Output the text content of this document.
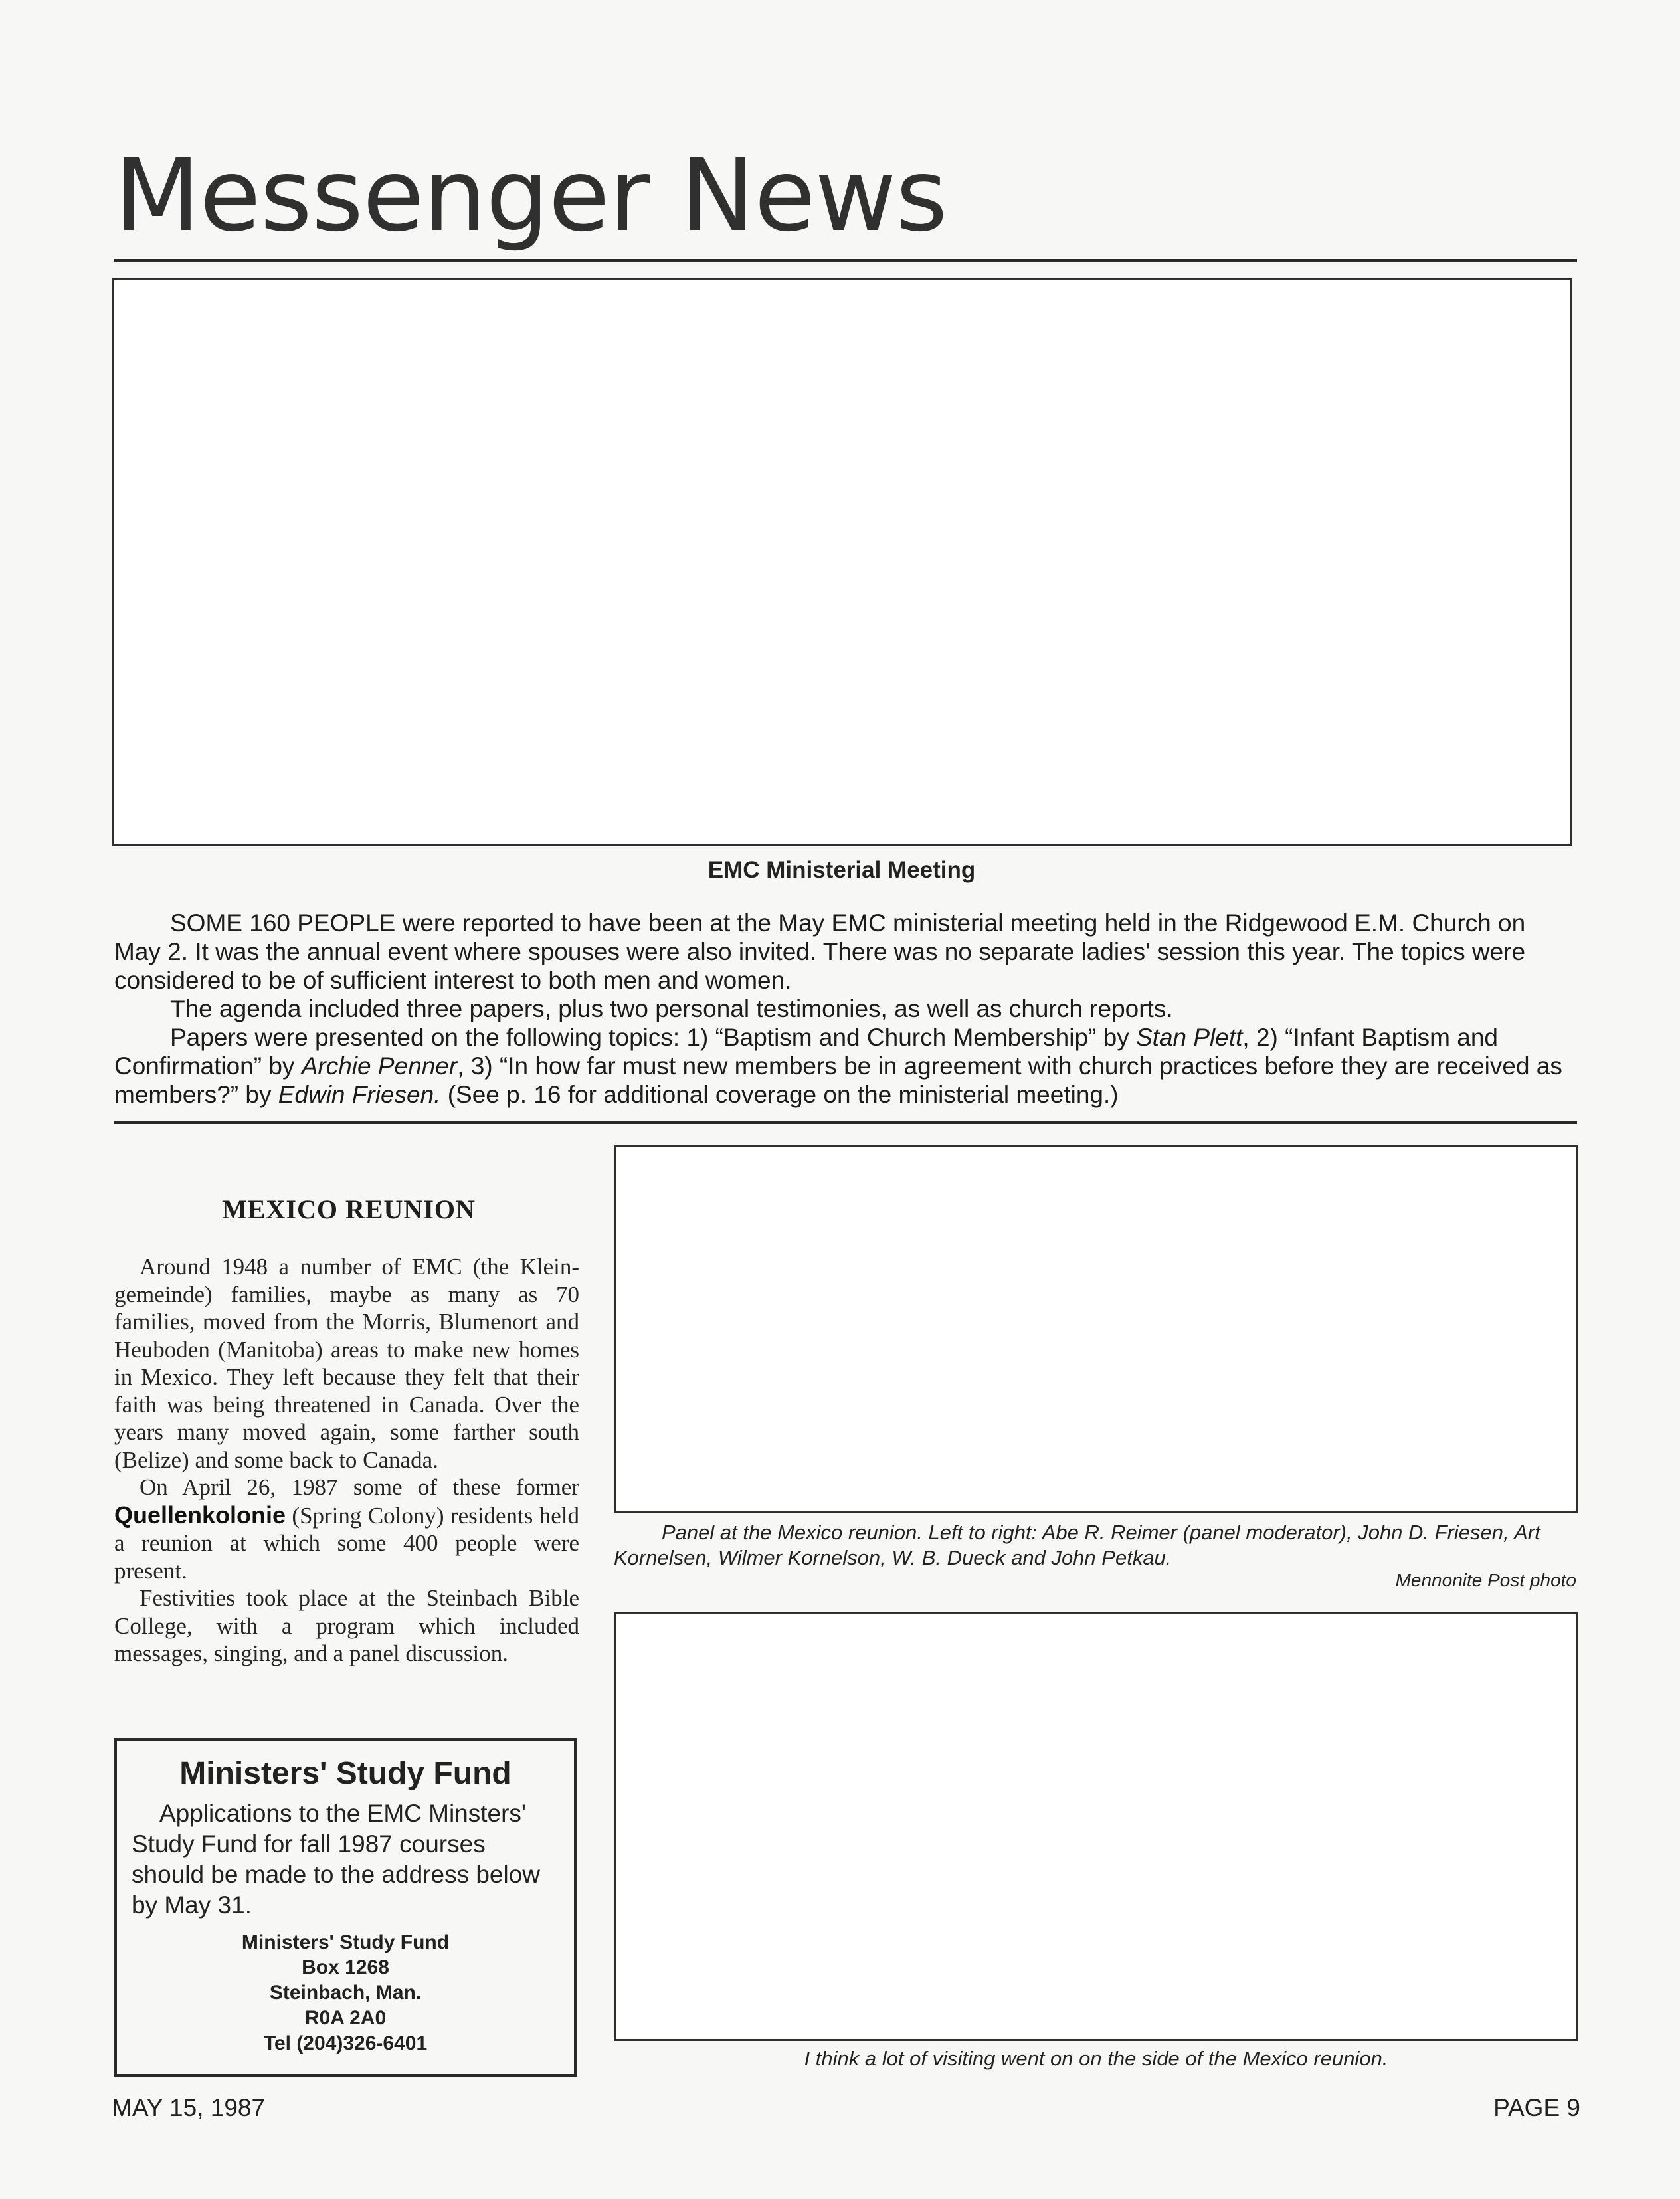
Messenger News
EMC Ministerial Meeting

SOME 160 PEOPLE were reported to have been at the May EMC ministerial meeting held in the Ridgewood E.M. Church on May 2. It was the annual event where spouses were also invited. There was no separate ladies' session this year. The topics were considered to be of sufficient interest to both men and women.

The agenda included three papers, plus two personal testimonies, as well as church reports.

Papers were presented on the following topics: 1) “Baptism and Church Membership” by Stan Plett, 2) “Infant Baptism and Confirmation” by Archie Penner, 3) “In how far must new members be in agreement with church practices before they are received as members?” by Edwin Friesen. (See p. 16 for additional coverage on the ministerial meeting.)

MEXICO REUNION

Around 1948 a number of EMC (the Kleingemeinde) families, maybe as many as 70 families, moved from the Morris, Blumenort and Heuboden (Manitoba) areas to make new homes in Mexico. They left because they felt that their faith was being threatened in Canada. Over the years many moved again, some farther south (Belize) and some back to Canada.

On April 26, 1987 some of these former Quellenkolonie (Spring Colony) residents held a reunion at which some 400 people were present.

Festivities took place at the Steinbach Bible College, with a program which included messages, singing, and a panel discussion.

Panel at the Mexico reunion. Left to right: Abe R. Reimer (panel moderator), John D. Friesen, Art Kornelsen, Wilmer Kornelson, W. B. Dueck and John Petkau.
Mennonite Post photo
I think a lot of visiting went on on the side of the Mexico reunion.
Ministers' Study Fund

Applications to the EMC Minsters' Study Fund for fall 1987 courses should be made to the address below by May 31.

Ministers' Study Fund
Box 1268
Steinbach, Man.
R0A 2A0
Tel (204)326-6401
MAY 15, 1987	PAGE 9
